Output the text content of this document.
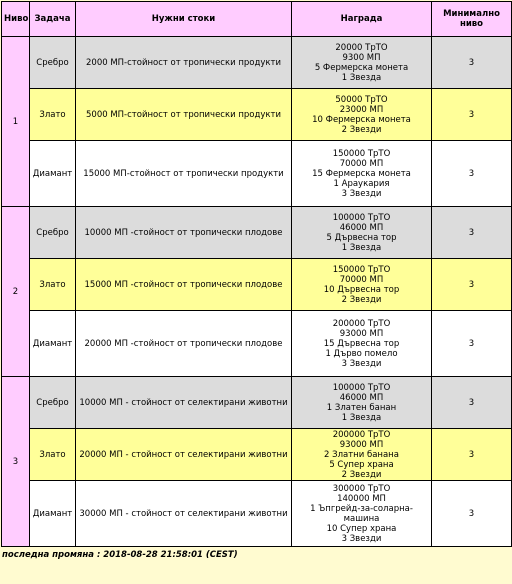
Ниво	Задача	Нужни стоки	Награда	Минимално ниво
1	Сребро	2000 МП-стойност от тропически продукти	20000 ТрТО
9300 МП
5 Фермерска монета
1 Звезда	3
	Злато	5000 МП-стойност от тропически продукти	50000 ТрТО
23000 МП
10 Фермерска монета
2 Звезди	3
	Диамант	15000 МП-стойност от тропически продукти	150000 ТрТО
70000 МП
15 Фермерска монета
1 Араукария
3 Звезди	3
2	Сребро	10000 МП -стойност от тропически плодове	100000 ТрТО
46000 МП
5 Дървесна тор
1 Звезда	3
	Злато	15000 МП -стойност от тропически плодове	150000 ТрТО
70000 МП
10 Дървесна тор
2 Звезди	3
	Диамант	20000 МП -стойност от тропически плодове	200000 ТрТО
93000 МП
15 Дървесна тор
1 Дърво помело
3 Звезди	3
3	Сребро	10000 МП - стойност от селектирани животни	100000 ТрТО
46000 МП
1 Златен банан
1 Звезда	3
	Злато	20000 МП - стойност от селектирани животни	200000 ТрТО
93000 МП
2 Златни банана
5 Супер храна
2 Звезди	3
	Диамант	30000 МП - стойност от селектирани животни	300000 ТрТО
140000 МП
1 Ъпгрейд-за-соларна-машина
10 Супер храна
3 Звезди	3
последна промяна : 2018-08-28 21:58:01 (CEST)
